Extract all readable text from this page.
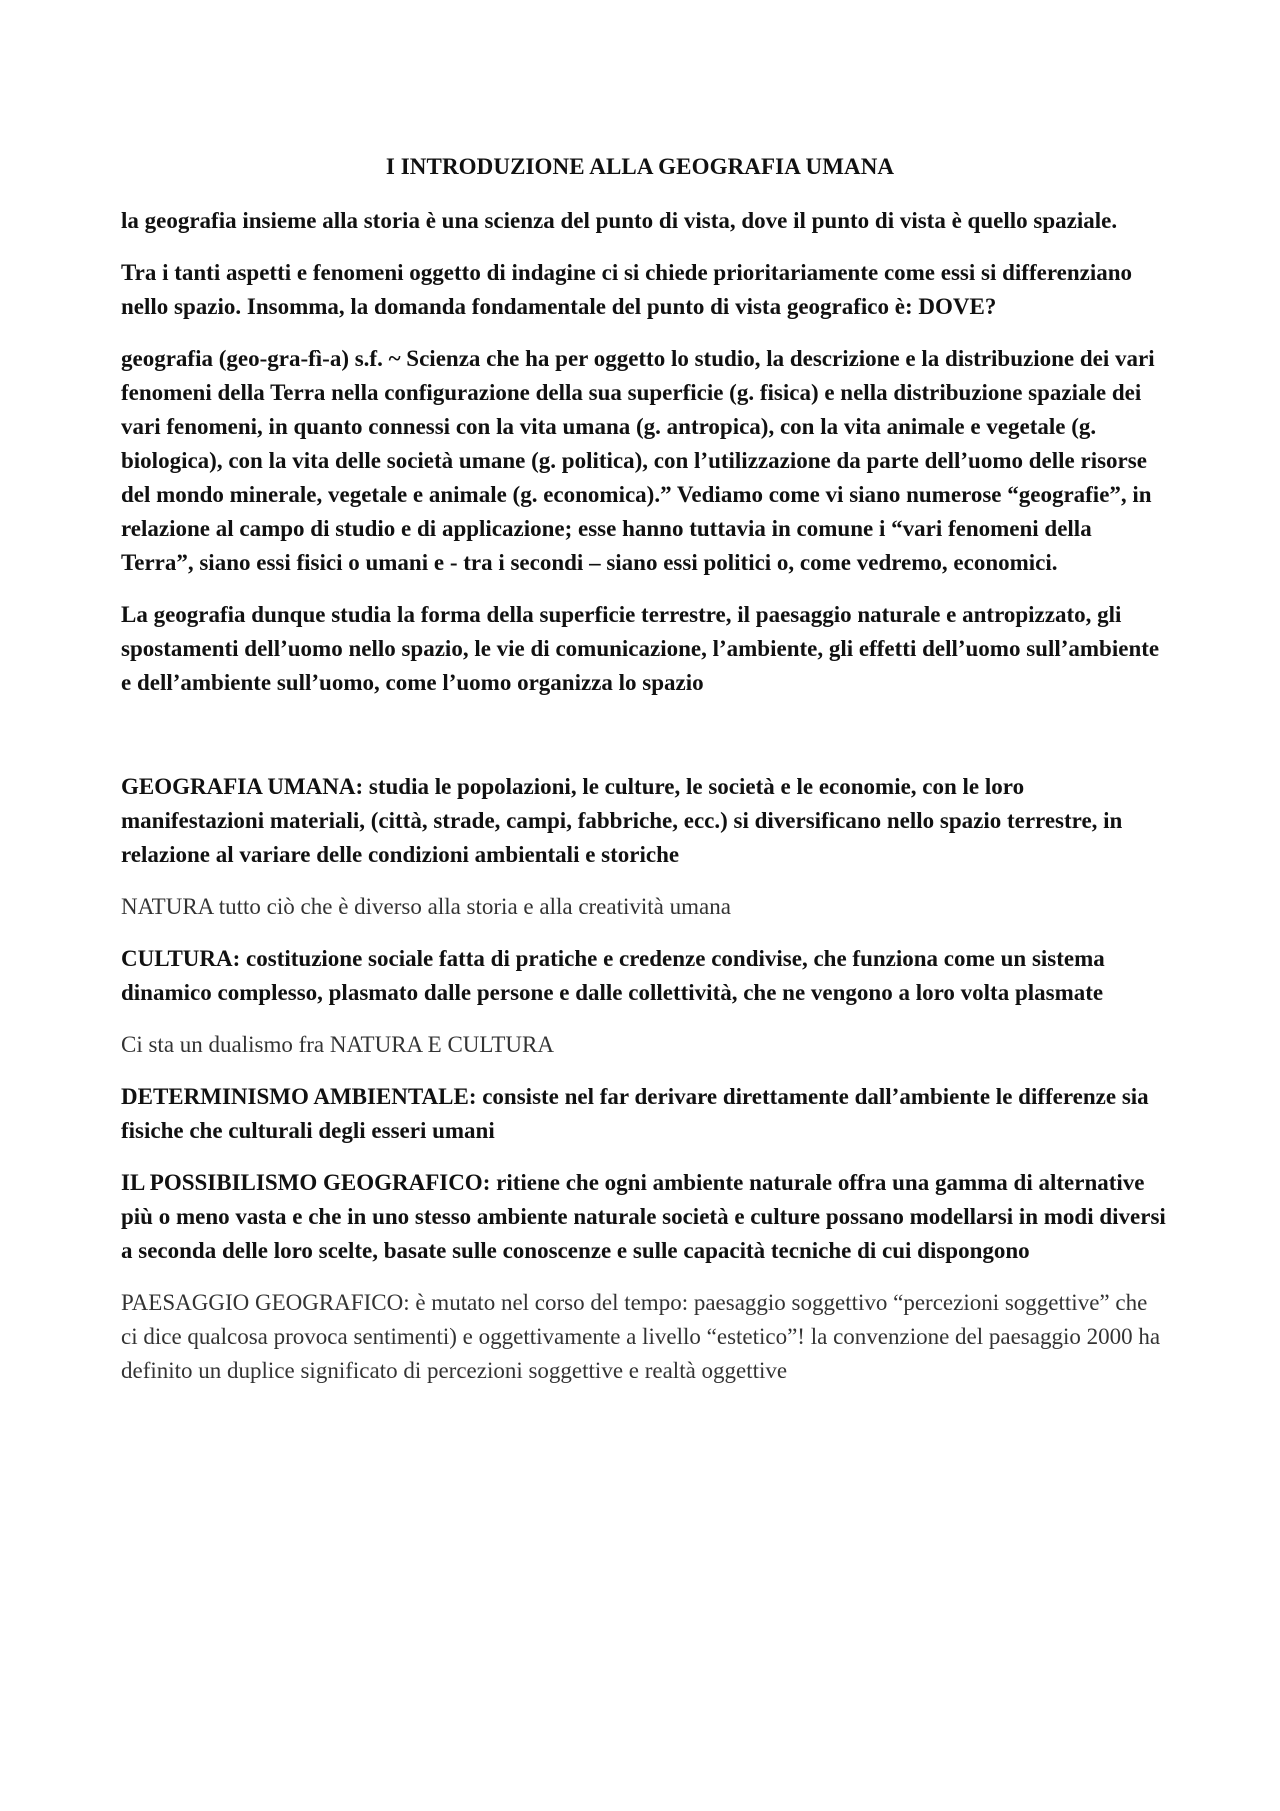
I INTRODUZIONE ALLA GEOGRAFIA UMANA

la geografia insieme alla storia è una scienza del punto di vista, dove il punto di vista è quello spaziale.

Tra i tanti aspetti e fenomeni oggetto di indagine ci si chiede prioritariamente come essi si differenziano nello spazio. Insomma, la domanda fondamentale del punto di vista geografico è: DOVE?

geografia (geo-gra-fì-a) s.f. ~ Scienza che ha per oggetto lo studio, la descrizione e la distribuzione dei vari fenomeni della Terra nella configurazione della sua superficie (g. fisica) e nella distribuzione spaziale dei vari fenomeni, in quanto connessi con la vita umana (g. antropica), con la vita animale e vegetale (g. biologica), con la vita delle società umane (g. politica), con l’utilizzazione da parte dell’uomo delle risorse del mondo minerale, vegetale e animale (g. economica).” Vediamo come vi siano numerose “geografie”, in relazione al campo di studio e di applicazione; esse hanno tuttavia in comune i “vari fenomeni della Terra”, siano essi fisici o umani e - tra i secondi – siano essi politici o, come vedremo, economici.

La geografia dunque studia la forma della superficie terrestre, il paesaggio naturale e antropizzato, gli spostamenti dell’uomo nello spazio, le vie di comunicazione, l’ambiente, gli effetti dell’uomo sull’ambiente e dell’ambiente sull’uomo, come l’uomo organizza lo spazio

GEOGRAFIA UMANA: studia le popolazioni, le culture, le società e le economie, con le loro manifestazioni materiali, (città, strade, campi, fabbriche, ecc.) si diversificano nello spazio terrestre, in relazione al variare delle condizioni ambientali e storiche

NATURA tutto ciò che è diverso alla storia e alla creatività umana

CULTURA: costituzione sociale fatta di pratiche e credenze condivise, che funziona come un sistema dinamico complesso, plasmato dalle persone e dalle collettività, che ne vengono a loro volta plasmate

Ci sta un dualismo fra NATURA E CULTURA

DETERMINISMO AMBIENTALE: consiste nel far derivare direttamente dall’ambiente le differenze sia fisiche che culturali degli esseri umani

IL POSSIBILISMO GEOGRAFICO: ritiene che ogni ambiente naturale offra una gamma di alternative più o meno vasta e che in uno stesso ambiente naturale società e culture possano modellarsi in modi diversi a seconda delle loro scelte, basate sulle conoscenze e sulle capacità tecniche di cui dispongono

PAESAGGIO GEOGRAFICO: è mutato nel corso del tempo: paesaggio soggettivo “percezioni soggettive” che ci dice qualcosa provoca sentimenti) e oggettivamente a livello “estetico”! la convenzione del paesaggio 2000 ha definito un duplice significato di percezioni soggettive e realtà oggettive
